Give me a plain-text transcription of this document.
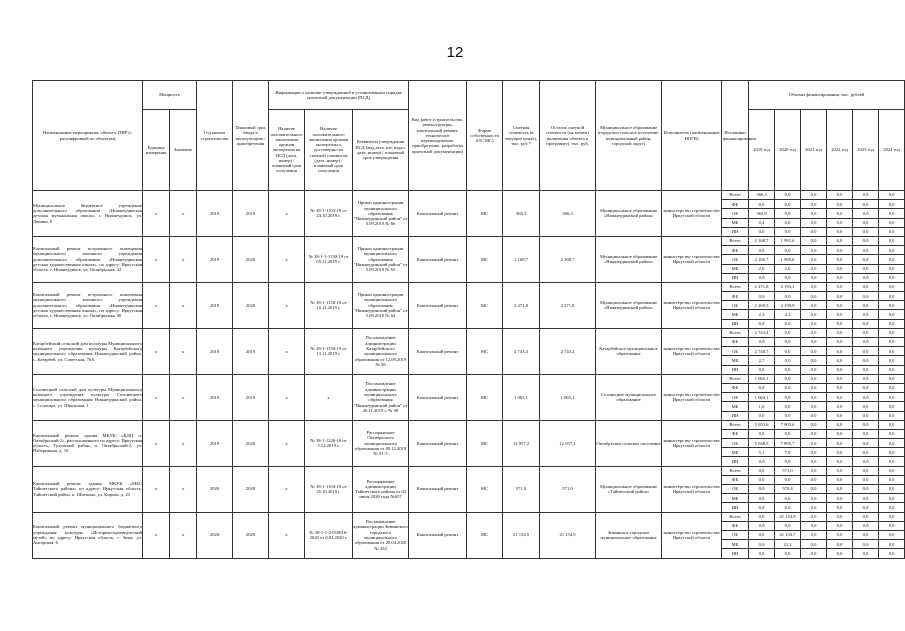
12
Наименование мероприятия, объекта, ПИР (с расшифровкой по объектам)	Мощность		Год начала строительства	Плановый срок ввода в эксплуатацию / приобретения	Информация о наличии утвержденной в установленном порядке проектной документации (ПСД)			Вид работ (строительство, реконструкция, капитальный ремонт, техническое перевооружение, приобретение, разработка проектной документации)	Форма собственности (ОС/МС)	Сметная стоимость (в текущих ценах), тыс. руб.*	Остаток сметной стоимости (на момент включения объекта в программу), тыс. руб.	Муниципальное образование (городское/сельское поселение, муниципальный район, городской округ)	Исполнитель (наименование ИОГВ)	Источники финансирования	Объемы финансирования, тыс. рублей					
	Единица измерения	Значение			Наличие положительного заключения органов экспертизы на ПСД (дата, номер) / плановый срок получения	Наличие положительного заключения органов экспертизы о достоверности сметной стоимости (дата, номер) / плановый срок получения	Реквизиты утверждения ПСД (вид акта, кто издал, дата, номер) / плановый срок утверждения								2019 год	2020 год	2021 год	2022 год	2023 год	2024 год
Муниципальное бюджетное учреждение дополнительного образования «Нижнеудинская детская музыкальная школа» г. Нижнеудинск, ул. Ленина, 8	х	х	2019	2019	х	№ 38-1-1103-19 от 24.10.2019 г.	Приказ администрации муниципального образования "Нижнеудинский район" от 5.09.2019 № 66	Капитальный ремонт	МС	366,3	366,3	Муниципальное образование «Нижнеудинский район»	министерство строительства Иркутской области	Всего	366,3	0,0	0,0	0,0	0,0	0,0
														ФБ	0,0	0,0	0,0	0,0	0,0	0,0
														ОБ	365,9	0,0	0,0	0,0	0,0	0,0
														МБ	0,4	0,0	0,0	0,0	0,0	0,0
														ИИ	0,0	0,0	0,0	0,0	0,0	0,0
Капитальный ремонт встроенного помещения муниципального казенного учреждения дополнительного образования «Нижнеудинская детская художественная школа», по адресу: Иркутская область, г. Нижнеудинск, ул. Октябрьская, 42	х	х	2019	2020	х	№ 38-1-1-1130-19 от 05.11.2019 г.	Приказ администрации муниципального образования "Нижнеудинский район" от 5.09.2019 № 65	Капитальный ремонт	МС	2 168,7	2 168,7	Муниципальное образование «Нижнеудинский район»	министерство строительства Иркутской области	Всего	2 168,7	1 991,6	0,0	0,0	0,0	0,0
														ФБ	0,0	0,0	0,0	0,0	0,0	0,0
														ОБ	2 166,7	1 989,6	0,0	0,0	0,0	0,0
														МБ	2,0	2,0	0,0	0,0	0,0	0,0
														ИИ	0,0	0,0	0,0	0,0	0,0	0,0
Капитальный ремонт встроенного помещения муниципального казенного учреждения дополнительного образования «Нижнеудинская детская художественная школа», по адресу: Иркутская область, г. Нижнеудинск, ул. Октябрьская, 40	х	х	2019	2020	х	№ 38-1-1158-19 от 15.11.2019 г.	Приказ администрации муниципального образования "Нижнеудинский район" от 5.09.2019 № 64	Капитальный ремонт	МС	2 271,8	2 271,8	Муниципальное образование «Нижнеудинский район»	министерство строительства Иркутской области	Всего	2 271,8	2 193,1	0,0	0,0	0,0	0,0
														ФБ	0,0	0,0	0,0	0,0	0,0	0,0
														ОБ	2 269,5	2 190,9	0,0	0,0	0,0	0,0
														МБ	2,3	2,2	0,0	0,0	0,0	0,0
														ИИ	0,0	0,0	0,0	0,0	0,0	0,0
Катарбейский сельский дом культуры Муниципального казенного учреждения культуры Катарбейского муниципального образования Нижнеудинский район, с. Катарбей, ул. Советская, 76А	х	х	2019	2019	х	№ 38-1-1150-19 от 13.11.2019 г.	Постановление администрации Катарбейского муниципального образования от 12.09.2019 № 58	Капитальный ремонт	МС	2 743,4	2 743,4	Катарбейское муниципальное образование	министерство строительства Иркутской области	Всего	2 743,4	0,0	0,0	0,0	0,0	0,0
														ФБ	0,0	0,0	0,0	0,0	0,0	0,0
														ОБ	2 740,7	0,0	0,0	0,0	0,0	0,0
														МБ	2,7	0,0	0,0	0,0	0,0	0,0
														ИИ	0,0	0,0	0,0	0,0	0,0	0,0
Солонецкий сельский дом культуры Муниципального казенного учреждения культуры Солонецкого муниципального образования Нижнеудинский район, с. Солонцы, ул. Школьная, 1	х	х	2019	2019	х	х	Постановление администрации муниципального образования "Нижнеудинский район" от 26.11.2019 г. № 98	Капитальный ремонт	МС	1 065,1	1 065,1	Солонецкое муниципальное образование	министерство строительства Иркутской области	Всего	1 065,1	0,0	0,0	0,0	0,0	0,0
														ФБ	0,0	0,0	0,0	0,0	0,0	0,0
														ОБ	1 064,1	0,0	0,0	0,0	0,0	0,0
														МБ	1,0	0,0	0,0	0,0	0,0	0,0
														ИИ	0,0	0,0	0,0	0,0	0,0	0,0
Капитальный ремонт здания МКУК «КДЦ п. Октябрьский-2», расположенного по адресу: Иркутская область, Тулунский район, п. Октябрьский-2, ул. Набережная, д. 10	х	х	2019	2020	х	№ 38-1-1226-19 от 5.12.2019 г.	Распоряжение Октябрьского муниципального образования от 09.12.2019 № 91-3	Капитальный ремонт	МС	12 957,2	12 957,2	Октябрьское сельское поселение	министерство строительства Иркутской области	Всего	5 053,6	7 903,6	0,0	0,0	0,0	0,0
														ФБ	0,0	0,0	0,0	0,0	0,0	0,0
														ОБ	5 048,5	7 895,7	0,0	0,0	0,0	0,0
														МБ	5,1	7,9	0,0	0,0	0,0	0,0
														ИИ	0,0	0,0	0,0	0,0	0,0	0,0
Капитальный ремонт здания МКУК «МБС Тайшетского района» по адресу: Иркутская область, Тайшетский район, п. Шиткино, ул. Кирова, д. 23	х	х	2020	2020	х	№ 38-1-1104-19 от 25.10.2019 г.	Распоряжение администрации Тайшетского района от 03 июля 2020 года №657	Капитальный ремонт	МС	571,0	571,0	Муниципальное образование «Тайшетский район»	министерство строительства Иркутской области	Всего	0,0	571,0	0,0	0,0	0,0	0,0
														ФБ	0,0	0,0	0,0	0,0	0,0	0,0
														ОБ	0,0	570,4	0,0	0,0	0,0	0,0
														МБ	0,0	0,6	0,0	0,0	0,0	0,0
														ИИ	0,0	0,0	0,0	0,0	0,0	0,0
Капитальный ремонт муниципального бюджетного учреждения культуры «Историко-краеведческий музей» по адресу: Иркутская область, г. Зима, ул. Ангарская, 6	х	х	2020	2020	х	№ 38-1-1-2-010610-2020 от 6.04.2020 г.	Постановление администрации Зиминского городского муниципального образования от 20.04.2020 № 354	Капитальный ремонт	МС	21 154,9	21 154,9	Зиминское городское муниципальное образование	министерство строительства Иркутской области	Всего	0,0	21 154,9	0,0	0,0	0,0	0,0
														ФБ	0,0	0,0	0,0	0,0	0,0	0,0
														ОБ	0,0	21 133,7	0,0	0,0	0,0	0,0
														МБ	0,0	21,2	0,0	0,0	0,0	0,0
														ИИ	0,0	0,0	0,0	0,0	0,0	0,0
